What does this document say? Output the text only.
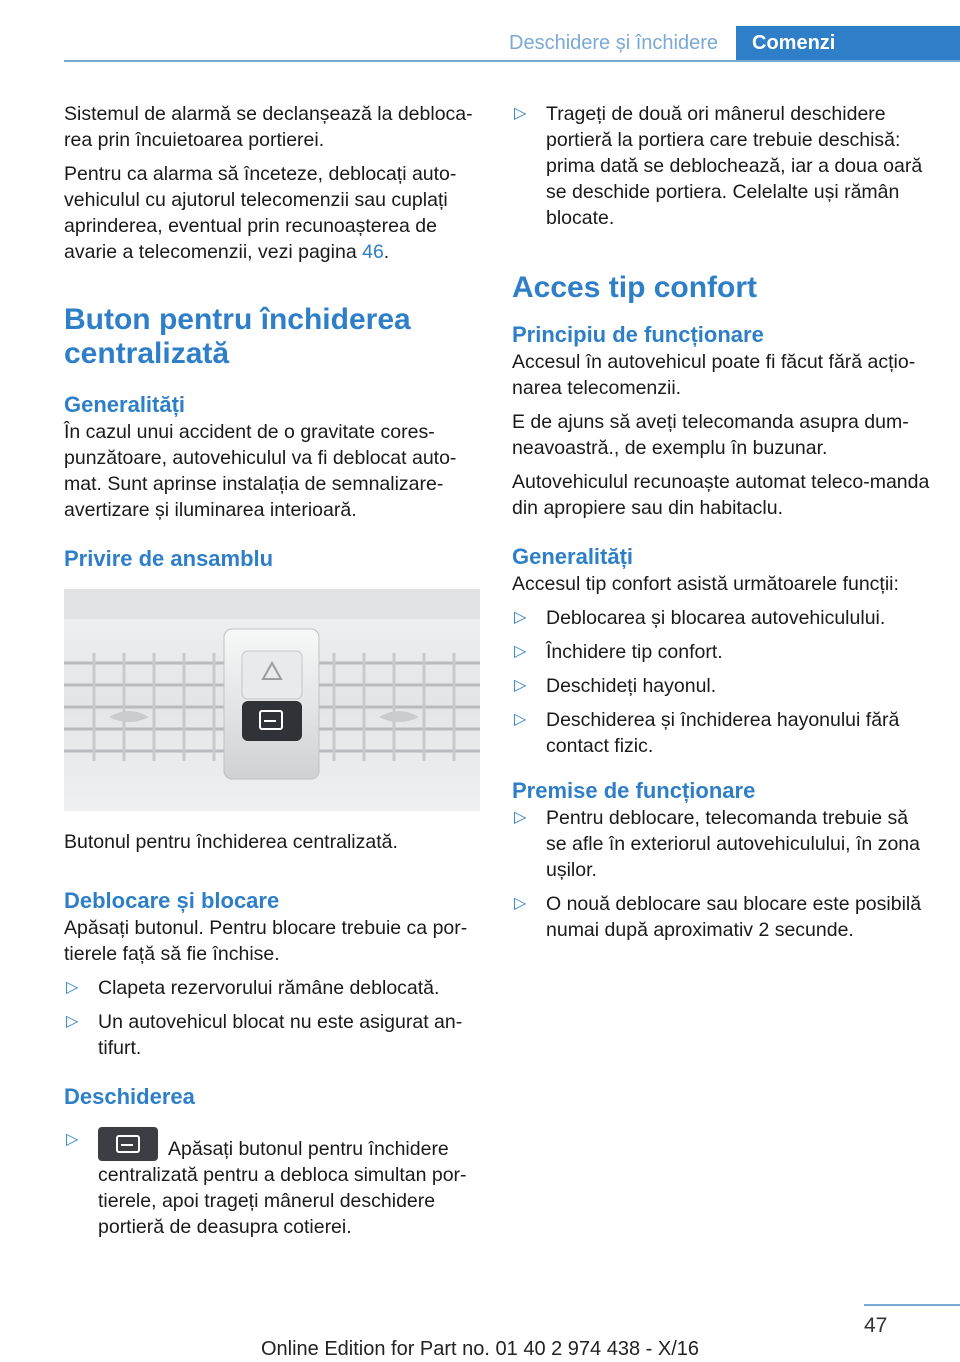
Deschidere și închidere	Comenzi

Sistemul de alarmă se declanșează la debloca‐rea prin încuietoarea portierei.

Pentru ca alarma să înceteze, deblocați auto‐vehiculul cu ajutorul telecomenzii sau cuplați aprinderea, eventual prin recunoașterea de avarie a telecomenzii, vezi pagina 46.

Buton pentru închiderea centralizată
Generalități

În cazul unui accident de o gravitate cores‐punzătoare, autovehiculul va fi deblocat auto‐mat. Sunt aprinse instalația de semnalizare-avertizare și iluminarea interioară.

Privire de ansamblu

Butonul pentru închiderea centralizată.

Deblocare și blocare

Apăsați butonul. Pentru blocare trebuie ca por‐tierele față să fie închise.

▷ Clapeta rezervorului rămâne deblocată.
▷ Un autovehicul blocat nu este asigurat an‐tifurt.
Deschiderea
▷	Apăsați butonul pentru închidere centralizată pentru a debloca simultan por‐tierele, apoi trageți mânerul deschidere portieră de deasupra cotierei.
▷ Trageți de două ori mânerul deschidere portieră la portiera care trebuie deschisă: prima dată se deblochează, iar a doua oară se deschide portiera. Celelalte uși rămân blocate.
Acces tip confort
Principiu de funcționare

Accesul în autovehicul poate fi făcut fără acțio‐narea telecomenzii.

E de ajuns să aveți telecomanda asupra dum‐neavoastră., de exemplu în buzunar.

Autovehiculul recunoaște automat teleco‐manda din apropiere sau din habitaclu.

Generalități

Accesul tip confort asistă următoarele funcții:

▷ Deblocarea și blocarea autovehiculului.
▷ Închidere tip confort.
▷ Deschideți hayonul.
▷ Deschiderea și închiderea hayonului fără contact fizic.
Premise de funcționare
▷ Pentru deblocare, telecomanda trebuie să se afle în exteriorul autovehiculului, în zona ușilor.
▷ O nouă deblocare sau blocare este posibilă numai după aproximativ 2 secunde.
47
Online Edition for Part no. 01 40 2 974 438 - X/16
